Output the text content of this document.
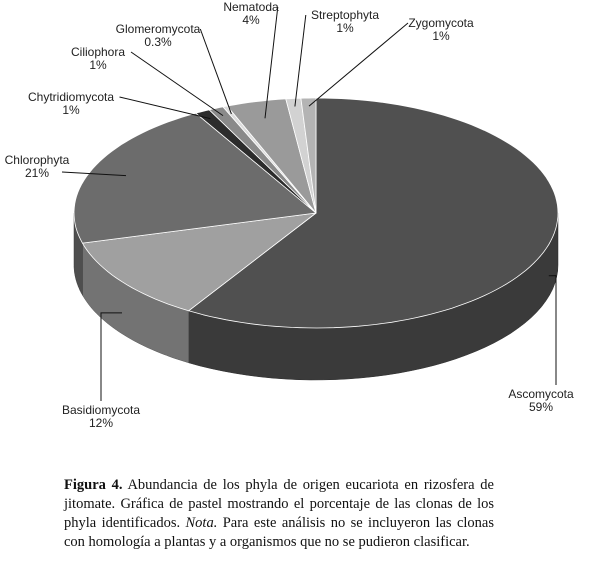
Ascomycota
59%
Basidiomycota
12%
Chlorophyta
21%
Chytridiomycota
1%
Ciliophora
1%
Glomeromycota
0.3%
Nematoda
4%	Streptophyta
1%	Zygomycota
1%

Figura 4. Abundancia de los phyla de origen eucariota en rizosfera de jitomate. Gráfica de pastel mostrando el porcentaje de las clonas de los phyla identificados. Nota. Para este análisis no se incluyeron las clonas con homología a plantas y a organismos que no se pudieron clasificar.
